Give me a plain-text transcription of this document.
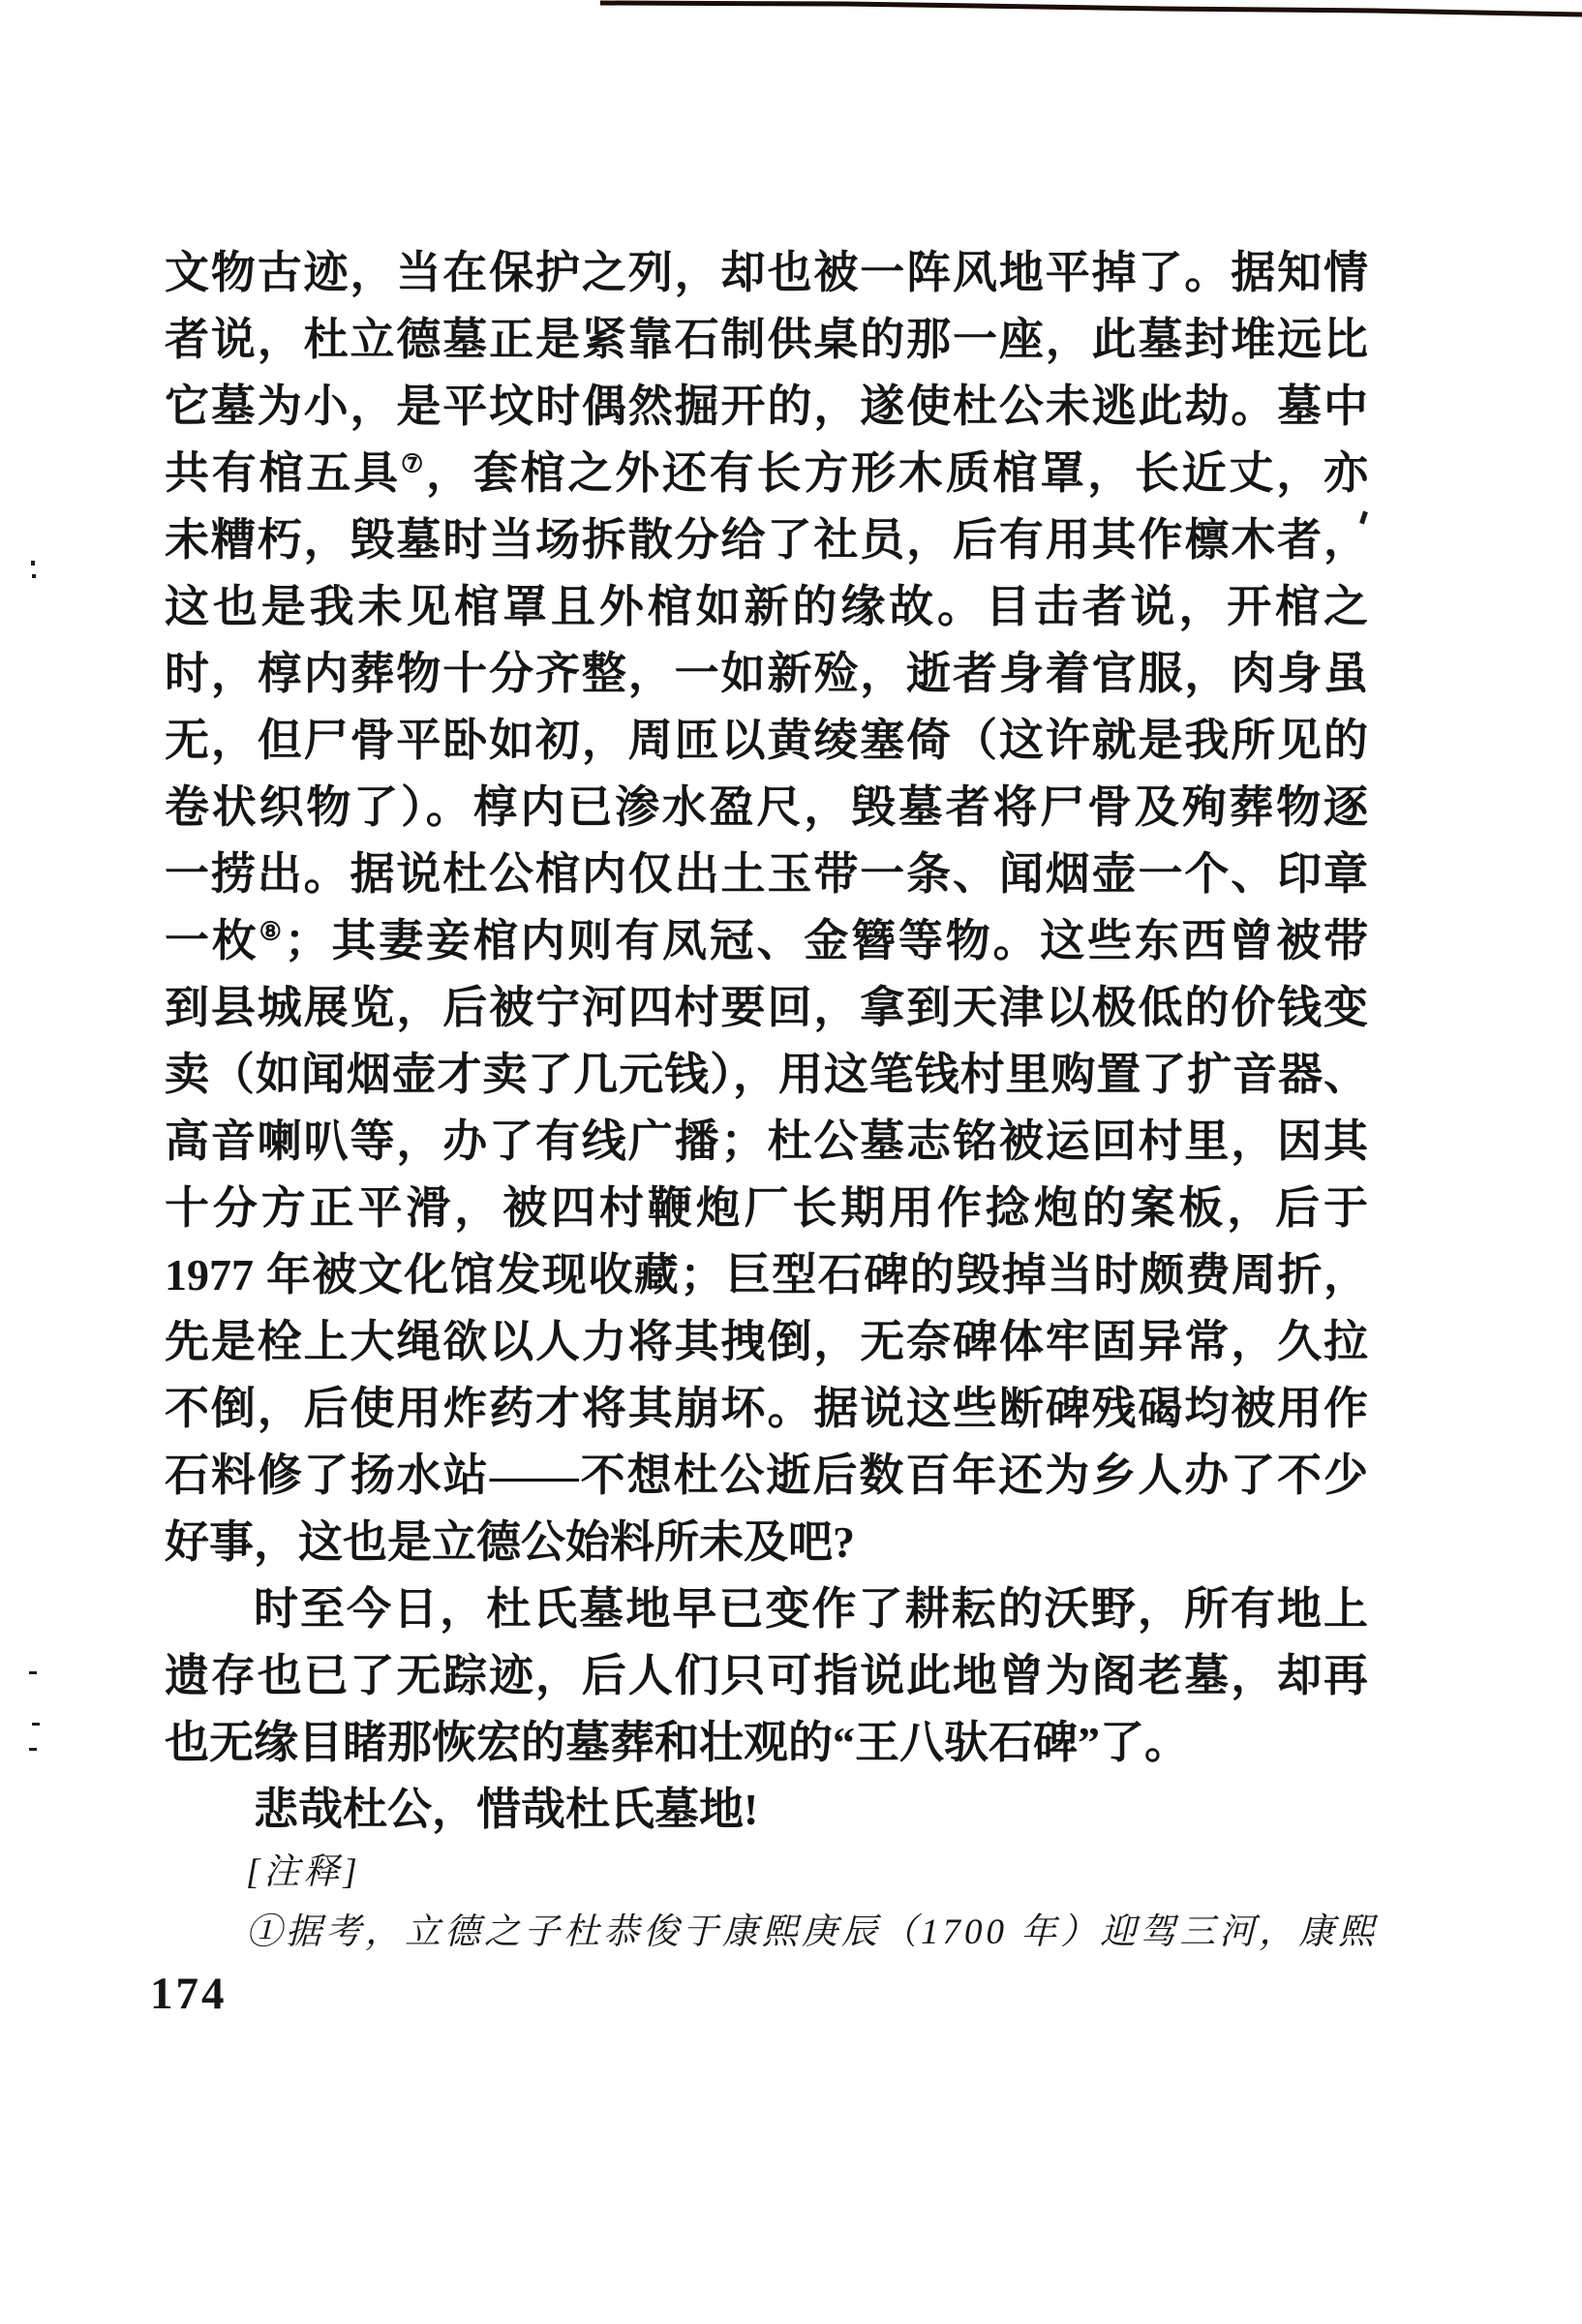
文物古迹，当在保护之列，却也被一阵风地平掉了。据知情
者说，杜立德墓正是紧靠石制供桌的那一座，此墓封堆远比
它墓为小，是平坟时偶然掘开的，遂使杜公未逃此劫。墓中
共有棺五具⑦，套棺之外还有长方形木质棺罩，长近丈，亦
未糟朽，毁墓时当场拆散分给了社员，后有用其作檩木者，
这也是我未见棺罩且外棺如新的缘故。目击者说，开棺之
时，椁内葬物十分齐整，一如新殓，逝者身着官服，肉身虽
无，但尸骨平卧如初，周匝以黄绫塞倚（这许就是我所见的
卷状织物了）。椁内已渗水盈尺，毁墓者将尸骨及殉葬物逐
一捞出。据说杜公棺内仅出土玉带一条、闻烟壶一个、印章
一枚⑧；其妻妾棺内则有凤冠、金簪等物。这些东西曾被带
到县城展览，后被宁河四村要回，拿到天津以极低的价钱变
卖（如闻烟壶才卖了几元钱），用这笔钱村里购置了扩音器、
高音喇叭等，办了有线广播；杜公墓志铭被运回村里，因其
十分方正平滑，被四村鞭炮厂长期用作捻炮的案板，后于
1977 年被文化馆发现收藏；巨型石碑的毁掉当时颇费周折，
先是栓上大绳欲以人力将其拽倒，无奈碑体牢固异常，久拉
不倒，后使用炸药才将其崩坏。据说这些断碑残碣均被用作
石料修了扬水站——不想杜公逝后数百年还为乡人办了不少
好事，这也是立德公始料所未及吧?
时至今日，杜氏墓地早已变作了耕耘的沃野，所有地上
遗存也已了无踪迹，后人们只可指说此地曾为阁老墓，却再
也无缘目睹那恢宏的墓葬和壮观的“王八驮石碑”了。
悲哉杜公，惜哉杜氏墓地!
[注释]
①据考，立德之子杜恭俊于康熙庚辰（1700 年）迎驾三河，康熙
174
